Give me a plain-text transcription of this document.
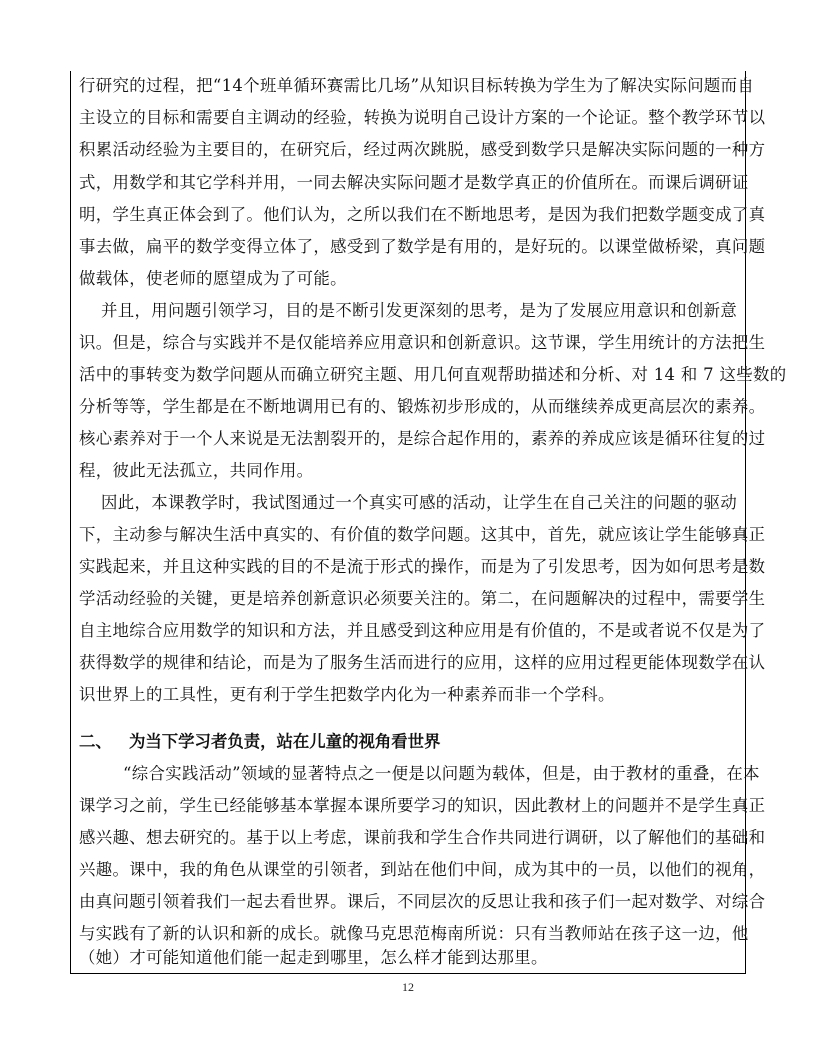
行研究的过程，把“14个班单循环赛需比几场”从知识目标转换为学生为了解决实际问题而自
主设立的目标和需要自主调动的经验，转换为说明自己设计方案的一个论证。整个教学环节以
积累活动经验为主要目的，在研究后，经过两次跳脱，感受到数学只是解决实际问题的一种方
式，用数学和其它学科并用，一同去解决实际问题才是数学真正的价值所在。而课后调研证
明，学生真正体会到了。他们认为，之所以我们在不断地思考，是因为我们把数学题变成了真
事去做，扁平的数学变得立体了，感受到了数学是有用的，是好玩的。以课堂做桥梁，真问题
做载体，使老师的愿望成为了可能。
并且，用问题引领学习，目的是不断引发更深刻的思考，是为了发展应用意识和创新意
识。但是，综合与实践并不是仅能培养应用意识和创新意识。这节课，学生用统计的方法把生
活中的事转变为数学问题从而确立研究主题、用几何直观帮助描述和分析、对 14 和 7 这些数的
分析等等，学生都是在不断地调用已有的、锻炼初步形成的，从而继续养成更高层次的素养。
核心素养对于一个人来说是无法割裂开的，是综合起作用的，素养的养成应该是循环往复的过
程，彼此无法孤立，共同作用。
因此，本课教学时，我试图通过一个真实可感的活动，让学生在自己关注的问题的驱动
下，主动参与解决生活中真实的、有价值的数学问题。这其中，首先，就应该让学生能够真正
实践起来，并且这种实践的目的不是流于形式的操作，而是为了引发思考，因为如何思考是数
学活动经验的关键，更是培养创新意识必须要关注的。第二，在问题解决的过程中，需要学生
自主地综合应用数学的知识和方法，并且感受到这种应用是有价值的，不是或者说不仅是为了
获得数学的规律和结论，而是为了服务生活而进行的应用，这样的应用过程更能体现数学在认
识世界上的工具性，更有利于学生把数学内化为一种素养而非一个学科。
二、 为当下学习者负责，站在儿童的视角看世界
“综合实践活动”领域的显著特点之一便是以问题为载体，但是，由于教材的重叠，在本
课学习之前，学生已经能够基本掌握本课所要学习的知识，因此教材上的问题并不是学生真正
感兴趣、想去研究的。基于以上考虑，课前我和学生合作共同进行调研，以了解他们的基础和
兴趣。课中，我的角色从课堂的引领者，到站在他们中间，成为其中的一员，以他们的视角，
由真问题引领着我们一起去看世界。课后，不同层次的反思让我和孩子们一起对数学、对综合
与实践有了新的认识和新的成长。就像马克思范梅南所说：只有当教师站在孩子这一边，他
（她）才可能知道他们能一起走到哪里，怎么样才能到达那里。
12
